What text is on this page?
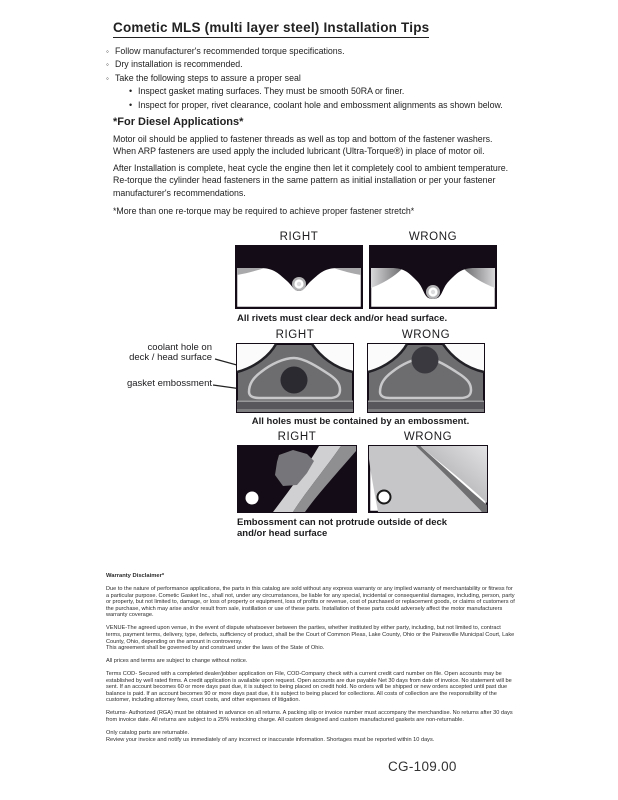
Cometic MLS (multi layer steel) Installation Tips
◦ Follow manufacturer's recommended torque specifications.
◦ Dry installation is recommended.
◦ Take the following steps to assure a proper seal
• Inspect gasket mating surfaces. They must be smooth 50RA or finer.
• Inspect for proper, rivet clearance, coolant hole and embossment alignments as shown below.
*For Diesel Applications*

Motor oil should be applied to fastener threads as well as top and bottom of the fastener washers. When ARP fasteners are used apply the included lubricant (Ultra-Torque®) in place of motor oil.

After Installation is complete, heat cycle the engine then let it completely cool to ambient temperature. Re-torque the cylinder head fasteners in the same pattern as initial installation or per your fastener manufacturer's recommendations.

*More than one re-torque may be required to achieve proper fastener stretch*

RIGHT	WRONG
All rivets must clear deck and/or head surface.
coolant hole on
deck / head surface
gasket embossment
RIGHT	WRONG
All holes must be contained by an embossment.
RIGHT	WRONG
Embossment can not protrude outside of deck and/or head surface
Warranty Disclaimer*

Due to the nature of performance applications, the parts in this catalog are sold without any express warranty or any implied warranty of merchantability or fitness for a particular purpose. Cometic Gasket Inc., shall not, under any circumstances, be liable for any special, incidental or consequential damages, including, person, party or property, but not limited to, damage, or loss of property or equipment, loss of profits or revenue, cost of purchased or replacement goods, or claims of customers of the purchase, which may arise and/or result from sale, instillation or use of these parts. Installation of these parts could adversely affect the motor manufacturers warranty coverage.

VENUE-The agreed upon venue, in the event of dispute whatsoever between the parties, whether instituted by either party, including, but not limited to, contract terms, payment terms, delivery, type, defects, sufficiency of product, shall be the Court of Common Pleas, Lake County, Ohio or the Painesville Municipal Court, Lake County, Ohio, depending on the amount in controversy.

This agreement shall be governed by and construed under the laws of the State of Ohio.

All prices and terms are subject to change without notice.

Terms COD- Secured with a completed dealer/jobber application on File, COD-Company check with a current credit card number on file. Open accounts may be established by well rated firms. A credit application is available upon request. Open accounts are due payable Net 30 days from date of invoice. No statement will be sent. If an account becomes 60 or more days past due, it is subject to being placed on credit hold. No orders will be shipped or new orders accepted until past due balance is paid. If an account becomes 90 or more days past due, it is subject to being placed for collections. All costs of collection are the responsibility of the customer, including attorney fees, court costs, and other expenses of litigation.

Returns- Authorized (RGA) must be obtained in advance on all returns. A packing slip or invoice number must accompany the merchandise. No returns after 30 days from invoice date. All returns are subject to a 25% restocking charge. All custom designed and custom manufactured gaskets are non-returnable.

Only catalog parts are returnable.

Review your invoice and notify us immediately of any incorrect or inaccurate information. Shortages must be reported within 10 days.

CG-109.00
